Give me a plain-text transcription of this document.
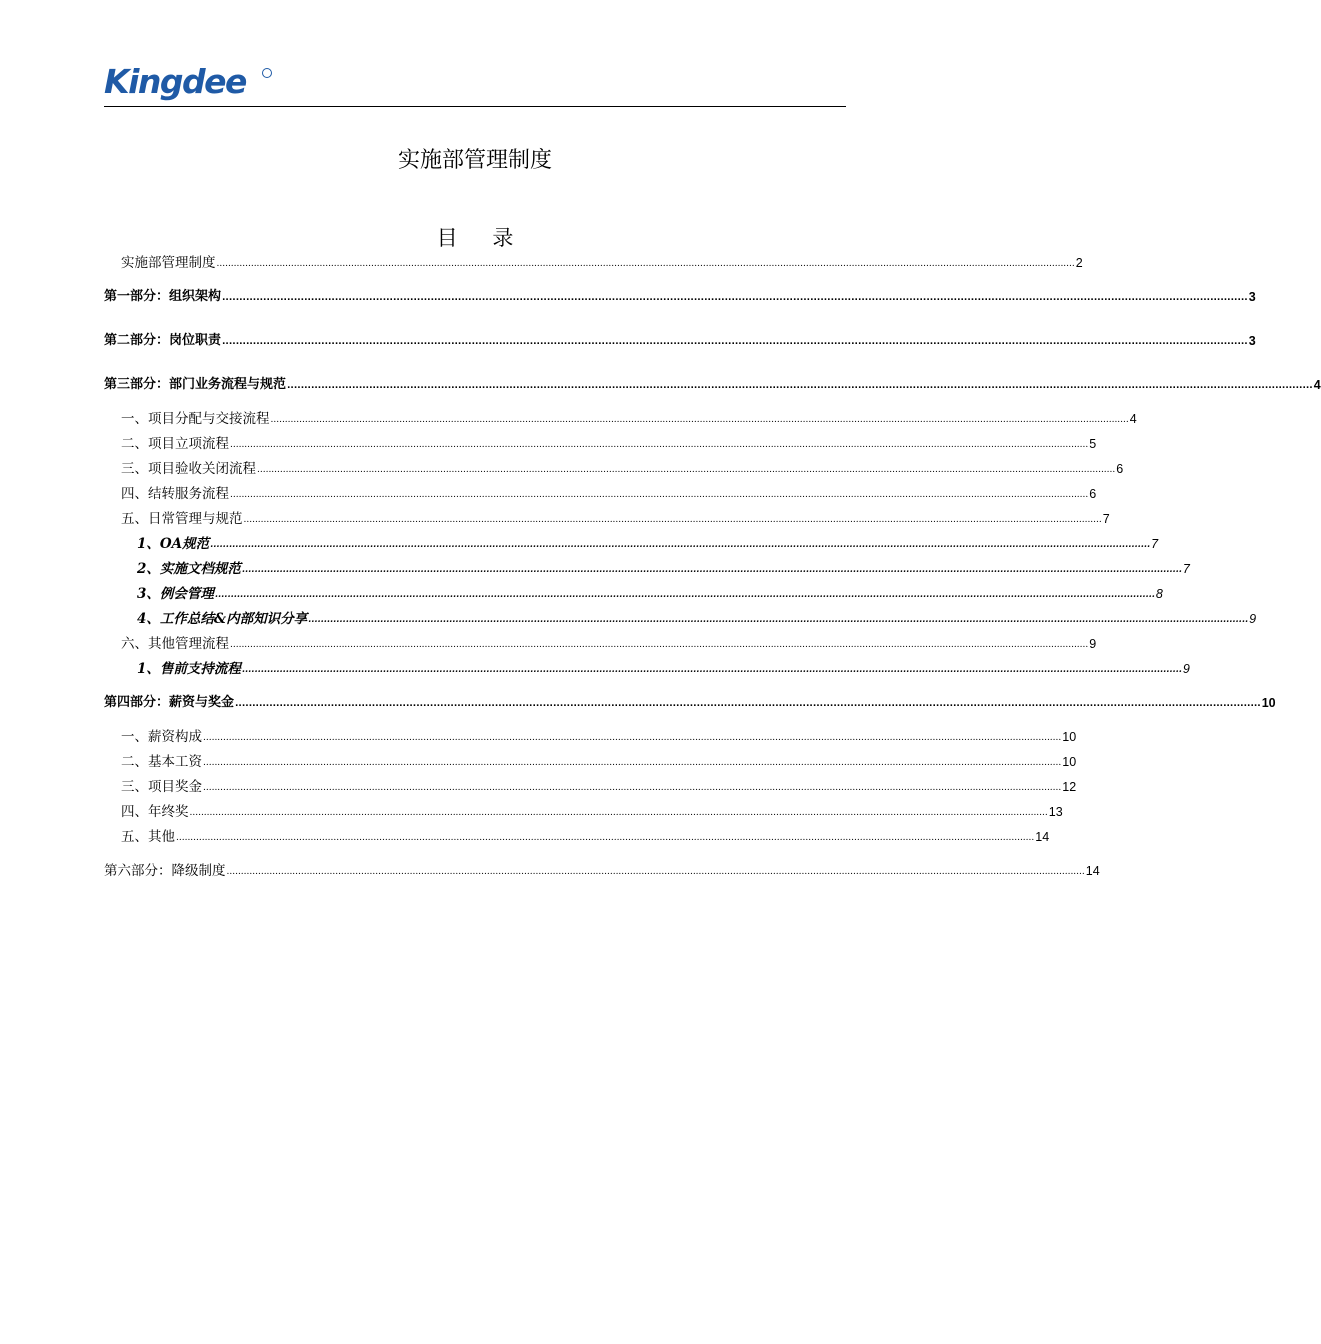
Kingdee
实施部管理制度
目 录
实施部管理制度 ............................................................................................................................................................................................................................................................................................................ 2
第一部分：组织架构 ............................................................................................................................................................................................................................................................................................................ 3
第二部分：岗位职责 ............................................................................................................................................................................................................................................................................................................ 3
第三部分：部门业务流程与规范 ............................................................................................................................................................................................................................................................................................................ 4
一、项目分配与交接流程 ............................................................................................................................................................................................................................................................................................................ 4
二、项目立项流程 ............................................................................................................................................................................................................................................................................................................ 5
三、项目验收关闭流程 ............................................................................................................................................................................................................................................................................................................ 6
四、结转服务流程 ............................................................................................................................................................................................................................................................................................................ 6
五、日常管理与规范 ............................................................................................................................................................................................................................................................................................................ 7
1、OA规范 ............................................................................................................................................................................................................................................................................................................ 7
2、实施文档规范 ............................................................................................................................................................................................................................................................................................................ 7
3、例会管理 ............................................................................................................................................................................................................................................................................................................ 8
4、工作总结&内部知识分享 ............................................................................................................................................................................................................................................................................................................ 9
六、其他管理流程 ............................................................................................................................................................................................................................................................................................................ 9
1、售前支持流程 ............................................................................................................................................................................................................................................................................................................ 9
第四部分：薪资与奖金 ............................................................................................................................................................................................................................................................................................................ 10
一、薪资构成 ............................................................................................................................................................................................................................................................................................................ 10
二、基本工资 ............................................................................................................................................................................................................................................................................................................ 10
三、项目奖金 ............................................................................................................................................................................................................................................................................................................ 12
四、年终奖 ............................................................................................................................................................................................................................................................................................................ 13
五、其他 ............................................................................................................................................................................................................................................................................................................ 14
第六部分：降级制度 ............................................................................................................................................................................................................................................................................................................ 14
